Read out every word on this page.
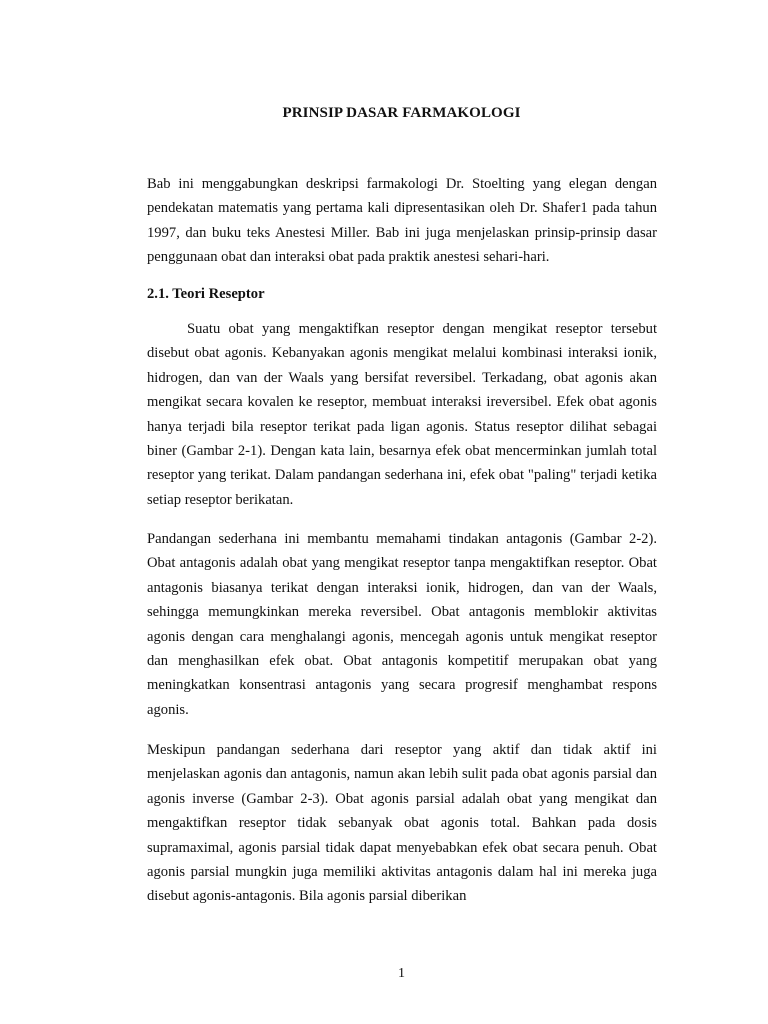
PRINSIP DASAR FARMAKOLOGI

Bab ini menggabungkan deskripsi farmakologi Dr. Stoelting yang elegan dengan pendekatan matematis yang pertama kali dipresentasikan oleh Dr. Shafer1 pada tahun 1997, dan buku teks Anestesi Miller. Bab ini juga menjelaskan prinsip-prinsip dasar penggunaan obat dan interaksi obat pada praktik anestesi sehari-hari.

2.1. Teori Reseptor

Suatu obat yang mengaktifkan reseptor dengan mengikat reseptor tersebut disebut obat agonis. Kebanyakan agonis mengikat melalui kombinasi interaksi ionik, hidrogen, dan van der Waals yang bersifat reversibel. Terkadang, obat agonis akan mengikat secara kovalen ke reseptor, membuat interaksi ireversibel. Efek obat agonis hanya terjadi bila reseptor terikat pada ligan agonis. Status reseptor dilihat sebagai biner (Gambar 2-1). Dengan kata lain, besarnya efek obat mencerminkan jumlah total reseptor yang terikat. Dalam pandangan sederhana ini, efek obat "paling" terjadi ketika setiap reseptor berikatan.

Pandangan sederhana ini membantu memahami tindakan antagonis (Gambar 2-2). Obat antagonis adalah obat yang mengikat reseptor tanpa mengaktifkan reseptor. Obat antagonis biasanya terikat dengan interaksi ionik, hidrogen, dan van der Waals, sehingga memungkinkan mereka reversibel. Obat antagonis memblokir aktivitas agonis dengan cara menghalangi agonis, mencegah agonis untuk mengikat reseptor dan menghasilkan efek obat. Obat antagonis kompetitif merupakan obat yang meningkatkan konsentrasi antagonis yang secara progresif menghambat respons agonis.

Meskipun pandangan sederhana dari reseptor yang aktif dan tidak aktif ini menjelaskan agonis dan antagonis, namun akan lebih sulit pada obat agonis parsial dan agonis inverse (Gambar 2-3). Obat agonis parsial adalah obat yang mengikat dan mengaktifkan reseptor tidak sebanyak obat agonis total. Bahkan pada dosis supramaximal, agonis parsial tidak dapat menyebabkan efek obat secara penuh. Obat agonis parsial mungkin juga memiliki aktivitas antagonis dalam hal ini mereka juga disebut agonis-antagonis. Bila agonis parsial diberikan

1
